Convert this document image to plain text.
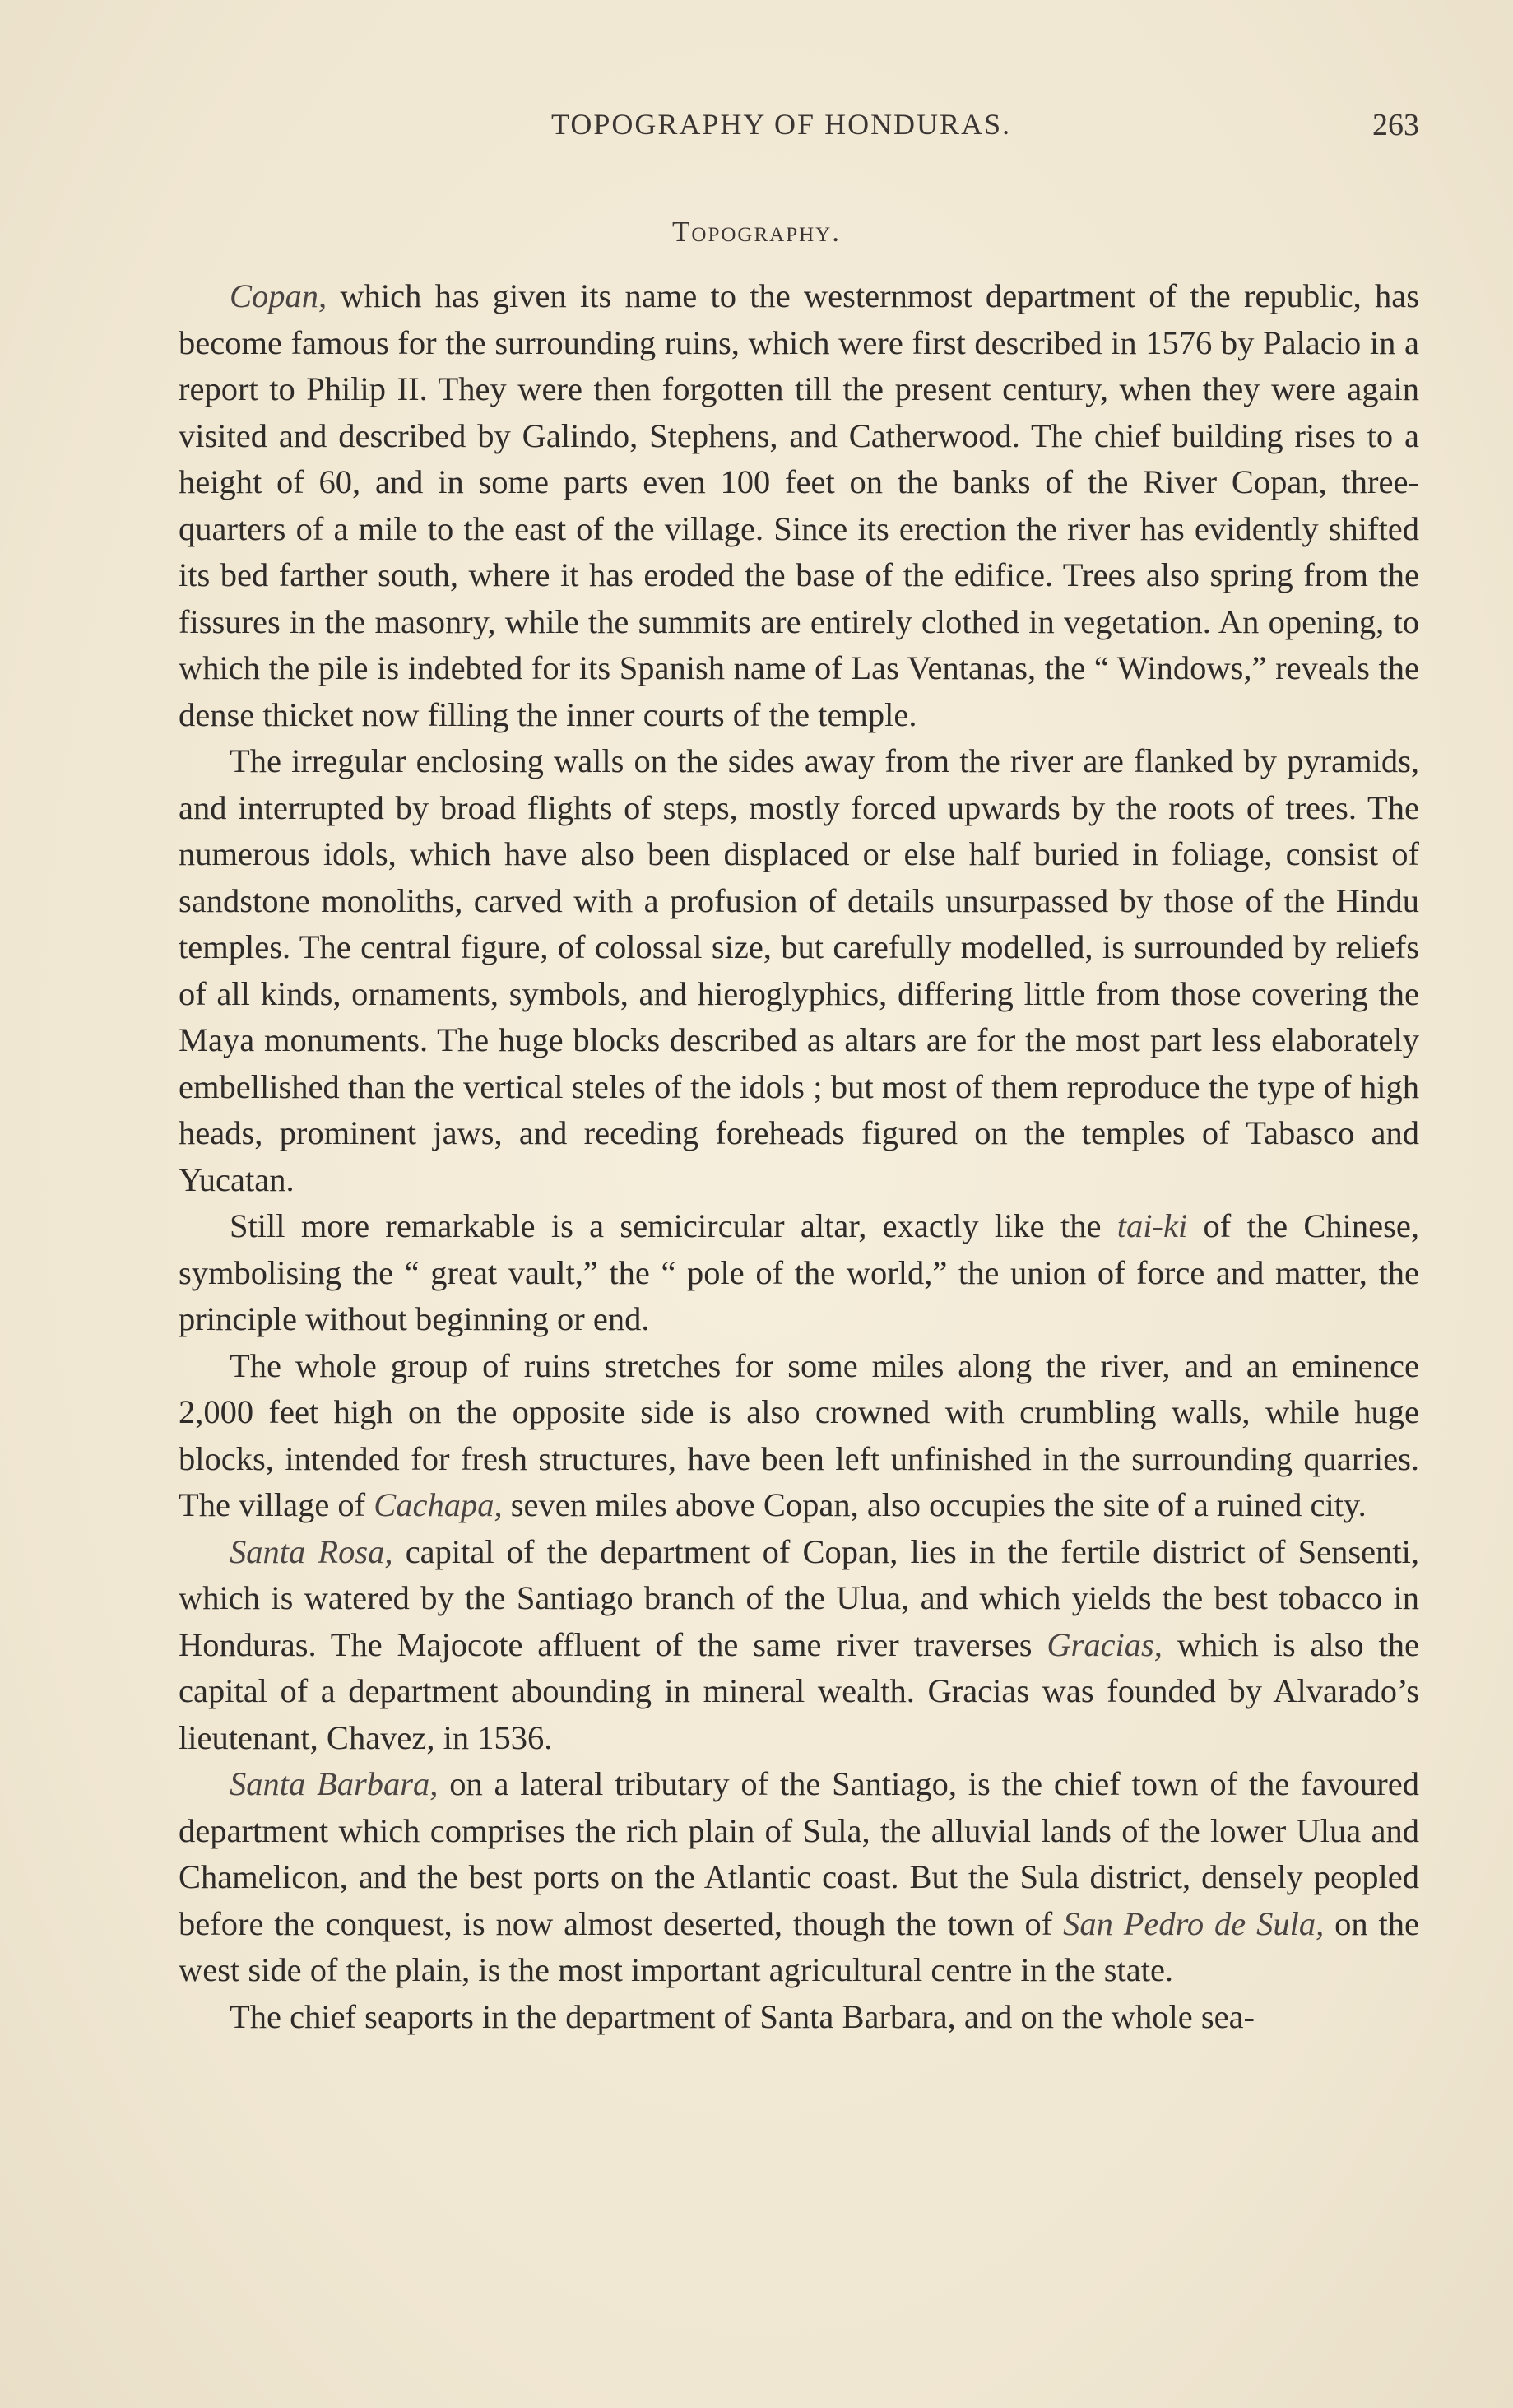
TOPOGRAPHY OF HONDURAS.	263
Topography.

Copan, which has given its name to the westernmost department of the republic, has become famous for the surrounding ruins, which were first described in 1576 by Palacio in a report to Philip II. They were then forgotten till the present century, when they were again visited and described by Galindo, Stephens, and Catherwood. The chief building rises to a height of 60, and in some parts even 100 feet on the banks of the River Copan, three-quarters of a mile to the east of the village. Since its erection the river has evidently shifted its bed farther south, where it has eroded the base of the edifice. Trees also spring from the fissures in the masonry, while the summits are entirely clothed in vegetation. An opening, to which the pile is indebted for its Spanish name of Las Ventanas, the “ Windows,” reveals the dense thicket now filling the inner courts of the temple.

The irregular enclosing walls on the sides away from the river are flanked by pyramids, and interrupted by broad flights of steps, mostly forced upwards by the roots of trees. The numerous idols, which have also been displaced or else half buried in foliage, consist of sandstone monoliths, carved with a profusion of details unsurpassed by those of the Hindu temples. The central figure, of colossal size, but carefully modelled, is surrounded by reliefs of all kinds, ornaments, symbols, and hieroglyphics, differing little from those covering the Maya monuments. The huge blocks described as altars are for the most part less elaborately embellished than the vertical steles of the idols ; but most of them reproduce the type of high heads, prominent jaws, and receding foreheads figured on the temples of Tabasco and Yucatan.

Still more remarkable is a semicircular altar, exactly like the tai-ki of the Chinese, symbolising the “ great vault,” the “ pole of the world,” the union of force and matter, the principle without beginning or end.

The whole group of ruins stretches for some miles along the river, and an eminence 2,000 feet high on the opposite side is also crowned with crumbling walls, while huge blocks, intended for fresh structures, have been left unfinished in the surrounding quarries. The village of Cachapa, seven miles above Copan, also occupies the site of a ruined city.

Santa Rosa, capital of the department of Copan, lies in the fertile district of Sensenti, which is watered by the Santiago branch of the Ulua, and which yields the best tobacco in Honduras. The Majocote affluent of the same river traverses Gracias, which is also the capital of a department abounding in mineral wealth. Gracias was founded by Alvarado’s lieutenant, Chavez, in 1536.

Santa Barbara, on a lateral tributary of the Santiago, is the chief town of the favoured department which comprises the rich plain of Sula, the alluvial lands of the lower Ulua and Chamelicon, and the best ports on the Atlantic coast. But the Sula district, densely peopled before the conquest, is now almost deserted, though the town of San Pedro de Sula, on the west side of the plain, is the most important agricultural centre in the state.

The chief seaports in the department of Santa Barbara, and on the whole sea-
